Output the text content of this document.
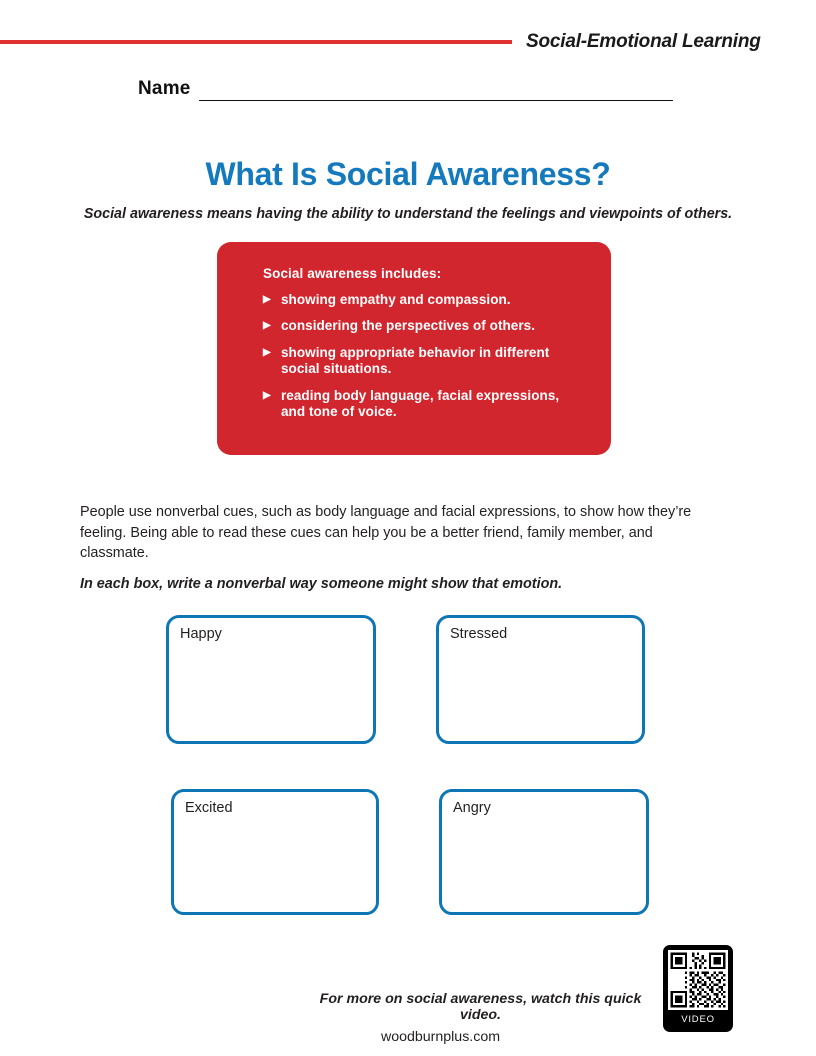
Social-Emotional Learning
Name
What Is Social Awareness?

Social awareness means having the ability to understand the feelings and viewpoints of others.

Social awareness includes:

▶ showing empathy and compassion.
▶ considering the perspectives of others.
▶ showing appropriate behavior in different social situations.
▶ reading body language, facial expressions, and tone of voice.

People use nonverbal cues, such as body language and facial expressions, to show how they’re feeling. Being able to read these cues can help you be a better friend, family member, and classmate.

In each box, write a nonverbal way someone might show that emotion.

Happy	Stressed
Excited	Angry

For more on social awareness, watch this quick video.

woodburnplus.com

VIDEO
